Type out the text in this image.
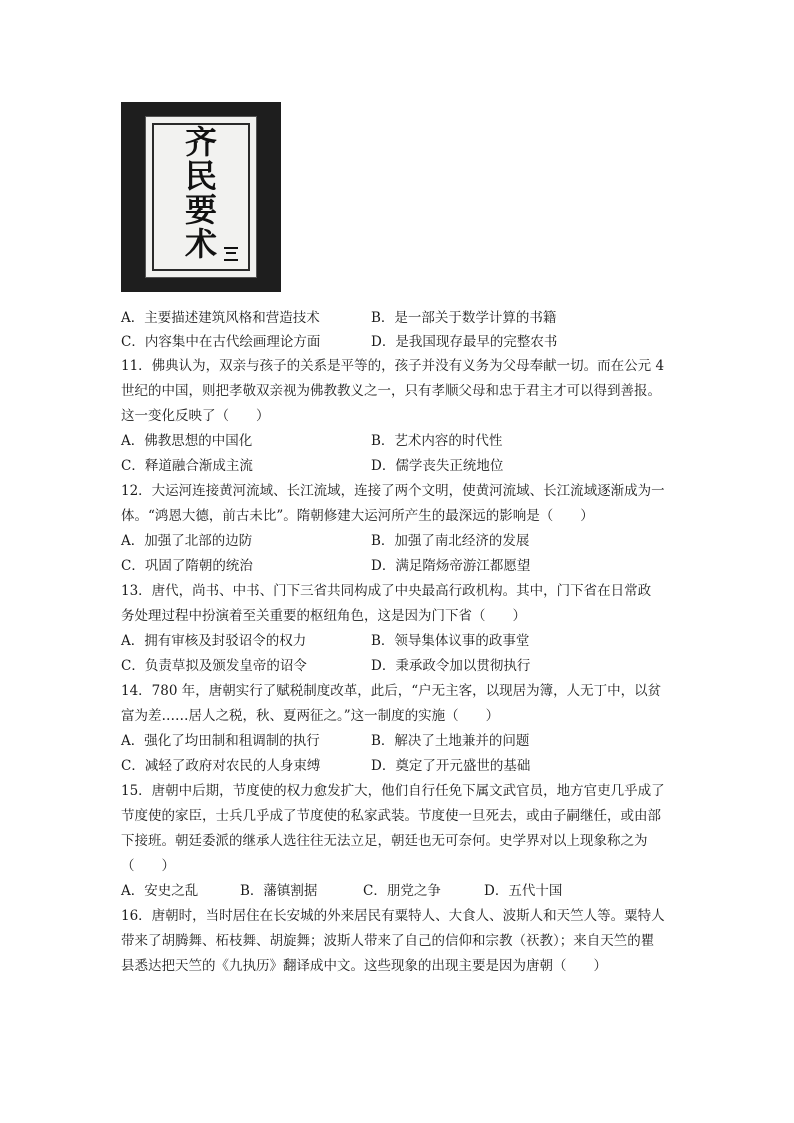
齐
民
要
术
A．主要描述建筑风格和营造技术	B．是一部关于数学计算的书籍
C．内容集中在古代绘画理论方面	D．是我国现存最早的完整农书
11．佛典认为，双亲与孩子的关系是平等的，孩子并没有义务为父母奉献一切。而在公元 4
世纪的中国，则把孝敬双亲视为佛教教义之一，只有孝顺父母和忠于君主才可以得到善报。
这一变化反映了（　　）
A．佛教思想的中国化	B．艺术内容的时代性
C．释道融合渐成主流	D．儒学丧失正统地位
12．大运河连接黄河流域、长江流域，连接了两个文明，使黄河流域、长江流域逐渐成为一
体。“鸿恩大德，前古未比”。隋朝修建大运河所产生的最深远的影响是（　　）
A．加强了北部的边防	B．加强了南北经济的发展
C．巩固了隋朝的统治	D．满足隋炀帝游江都愿望
13．唐代，尚书、中书、门下三省共同构成了中央最高行政机构。其中，门下省在日常政
务处理过程中扮演着至关重要的枢纽角色，这是因为门下省（　　）
A．拥有审核及封驳诏令的权力	B．领导集体议事的政事堂
C．负责草拟及颁发皇帝的诏令	D．秉承政令加以贯彻执行
14．780 年，唐朝实行了赋税制度改革，此后，“户无主客，以现居为簿，人无丁中，以贫
富为差……居人之税，秋、夏两征之。”这一制度的实施（　　）
A．强化了均田制和租调制的执行	B．解决了土地兼并的问题
C．减轻了政府对农民的人身束缚	D．奠定了开元盛世的基础
15．唐朝中后期，节度使的权力愈发扩大，他们自行任免下属文武官员，地方官吏几乎成了
节度使的家臣，士兵几乎成了节度使的私家武装。节度使一旦死去，或由子嗣继任，或由部
下接班。朝廷委派的继承人选往往无法立足，朝廷也无可奈何。史学界对以上现象称之为
（　　）
A．安史之乱	B．藩镇割据	C．朋党之争	D．五代十国
16．唐朝时，当时居住在长安城的外来居民有粟特人、大食人、波斯人和天竺人等。粟特人
带来了胡腾舞、柘枝舞、胡旋舞；波斯人带来了自己的信仰和宗教（祆教）；来自天竺的瞿
县悉达把天竺的《九执历》翻译成中文。这些现象的出现主要是因为唐朝（　　）
